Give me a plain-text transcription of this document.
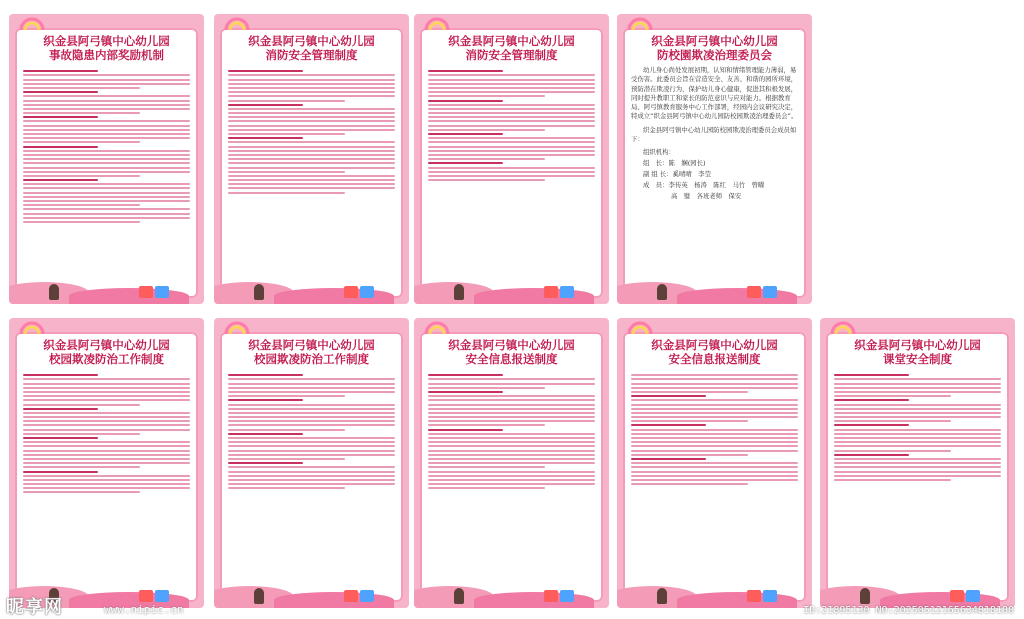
织金县阿弓镇中心幼儿园
事故隐患内部奖励机制
织金县阿弓镇中心幼儿园
消防安全管理制度
织金县阿弓镇中心幼儿园
消防安全管理制度
织金县阿弓镇中心幼儿园
防校園欺凌治理委员会
幼儿身心尚处发展初期，认知和情绪管理能力薄弱，易受伤害。此委员会旨在营造安全、友善、和谐的园所环境，预防潜在欺凌行为，保护幼儿身心健康，促进其积极发展，同时提升教职工和家长的防范意识与应对能力。根据教育局、阿弓镇教育服务中心工作部署，经园内会议研究决定，特成立“织金县阿弓镇中心幼儿园防校园欺凌治理委员会”。
织金县阿弓镇中心幼儿园防校园欺凌治理委员会成员如下：
组织机构：
组　长：陈　娴(园长)
副 组 长：奚晴晴　李莹
成　员：李传英　杨涛　陈红　马竹　曾曜
高　璧　各班老师　保安
织金县阿弓镇中心幼儿园
校园欺凌防治工作制度
织金县阿弓镇中心幼儿园
校园欺凌防治工作制度
织金县阿弓镇中心幼儿园
安全信息报送制度
织金县阿弓镇中心幼儿园
安全信息报送制度
织金县阿弓镇中心幼儿园
课堂安全制度
昵享网	www.nipic.cn	ID:21895130 NO:20250512165634818100
